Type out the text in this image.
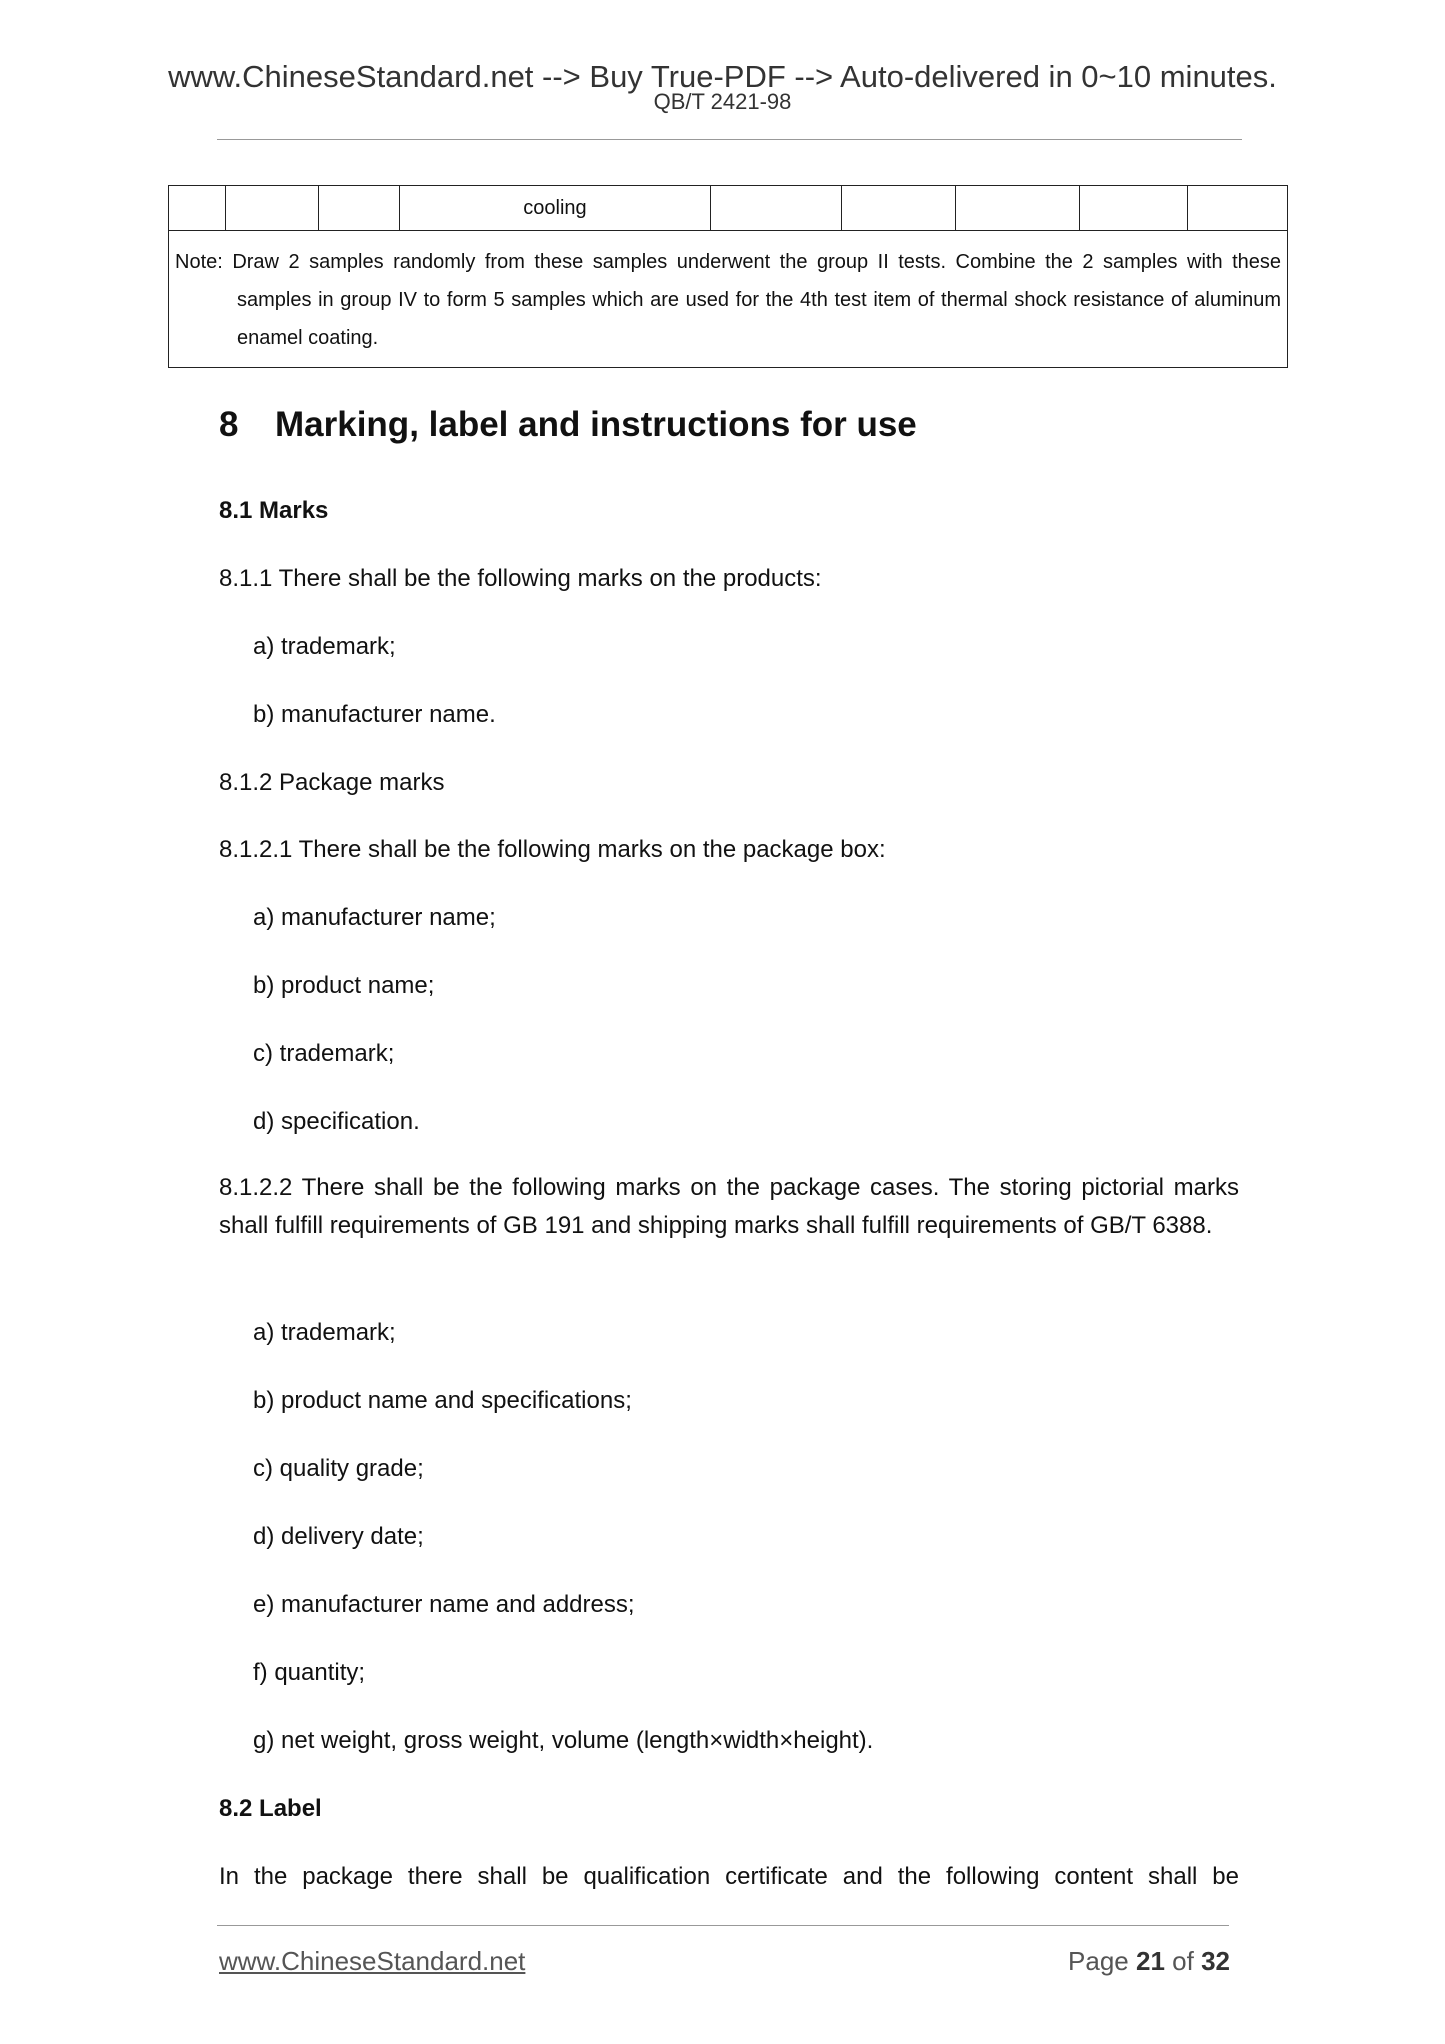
www.ChineseStandard.net --> Buy True-PDF --> Auto-delivered in 0~10 minutes.
QB/T 2421-98
			cooling					

Note: Draw 2 samples randomly from these samples underwent the group II tests. Combine the 2 samples with these samples in group IV to form 5 samples which are used for the 4th test item of thermal shock resistance of aluminum enamel coating.
8 Marking, label and instructions for use
8.1 Marks
8.1.1 There shall be the following marks on the products:
a) trademark;
b) manufacturer name.
8.1.2 Package marks
8.1.2.1 There shall be the following marks on the package box:
a) manufacturer name;
b) product name;
c) trademark;
d) specification.
8.1.2.2 There shall be the following marks on the package cases. The storing pictorial marks shall fulfill requirements of GB 191 and shipping marks shall fulfill requirements of GB/T 6388.
a) trademark;
b) product name and specifications;
c) quality grade;
d) delivery date;
e) manufacturer name and address;
f) quantity;
g) net weight, gross weight, volume (length×width×height).
8.2 Label
In the package there shall be qualification certificate and the following content shall be
www.ChineseStandard.net	Page 21 of 32
